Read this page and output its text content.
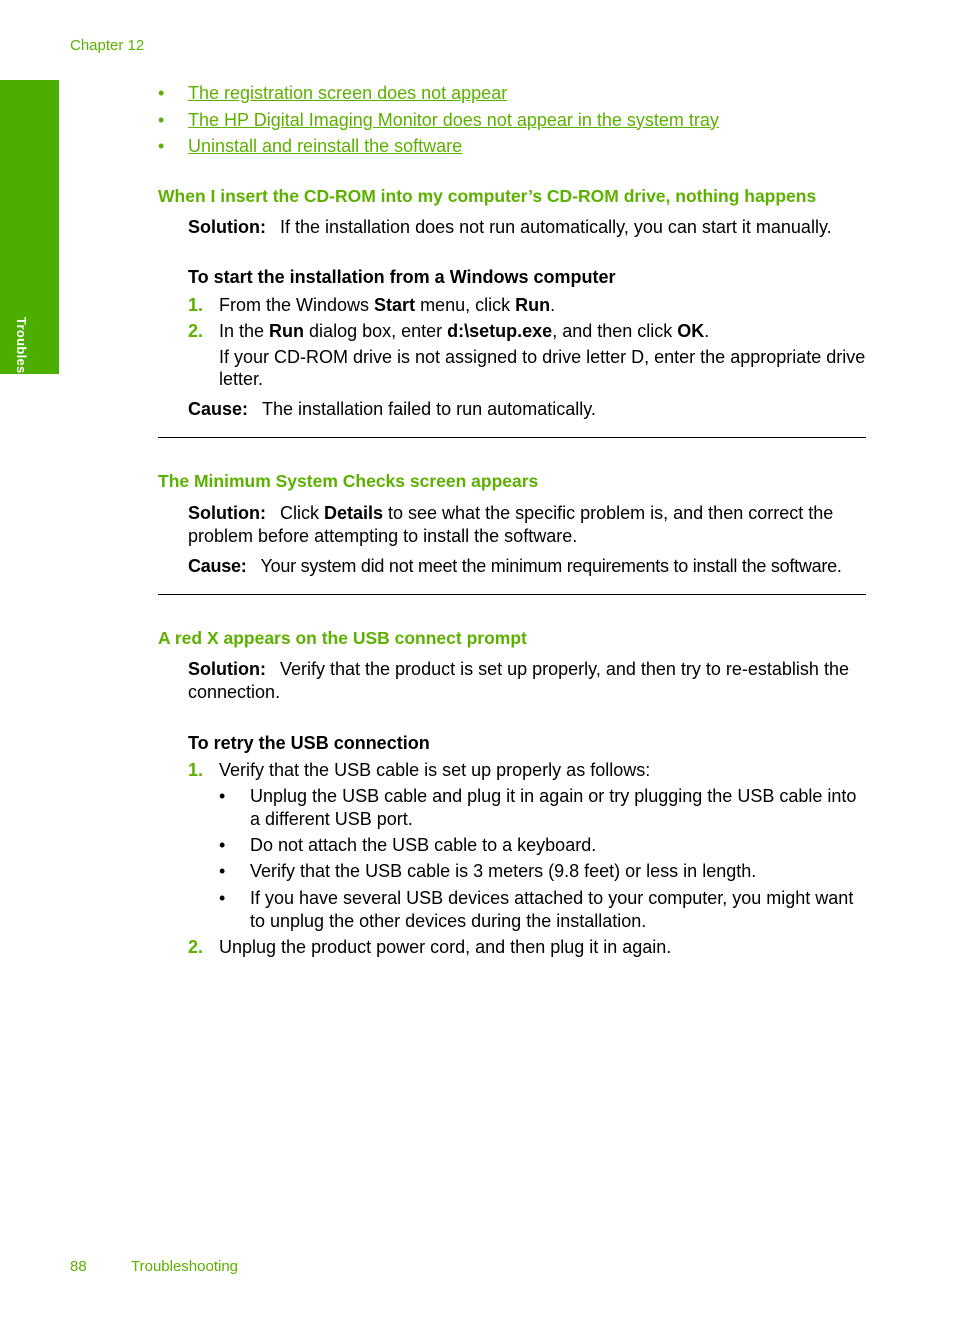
Chapter 12
Troubleshooting
• The registration screen does not appear
• The HP Digital Imaging Monitor does not appear in the system tray
• Uninstall and reinstall the software
When I insert the CD-ROM into my computer’s CD-ROM drive, nothing happens

Solution: If the installation does not run automatically, you can start it manually.

To start the installation from a Windows computer

1. From the Windows Start menu, click Run.
2. In the Run dialog box, enter d:\setup.exe, and then click OK.
If your CD-ROM drive is not assigned to drive letter D, enter the appropriate drive letter.

Cause: The installation failed to run automatically.

The Minimum System Checks screen appears

Solution: Click Details to see what the specific problem is, and then correct the problem before attempting to install the software.

Cause: Your system did not meet the minimum requirements to install the software.

A red X appears on the USB connect prompt

Solution: Verify that the product is set up properly, and then try to re-establish the connection.

To retry the USB connection

1. Verify that the USB cable is set up properly as follows:
• Unplug the USB cable and plug it in again or try plugging the USB cable into a different USB port.
• Do not attach the USB cable to a keyboard.
• Verify that the USB cable is 3 meters (9.8 feet) or less in length.
• If you have several USB devices attached to your computer, you might want to unplug the other devices during the installation.
2. Unplug the product power cord, and then plug it in again.
88	Troubleshooting
